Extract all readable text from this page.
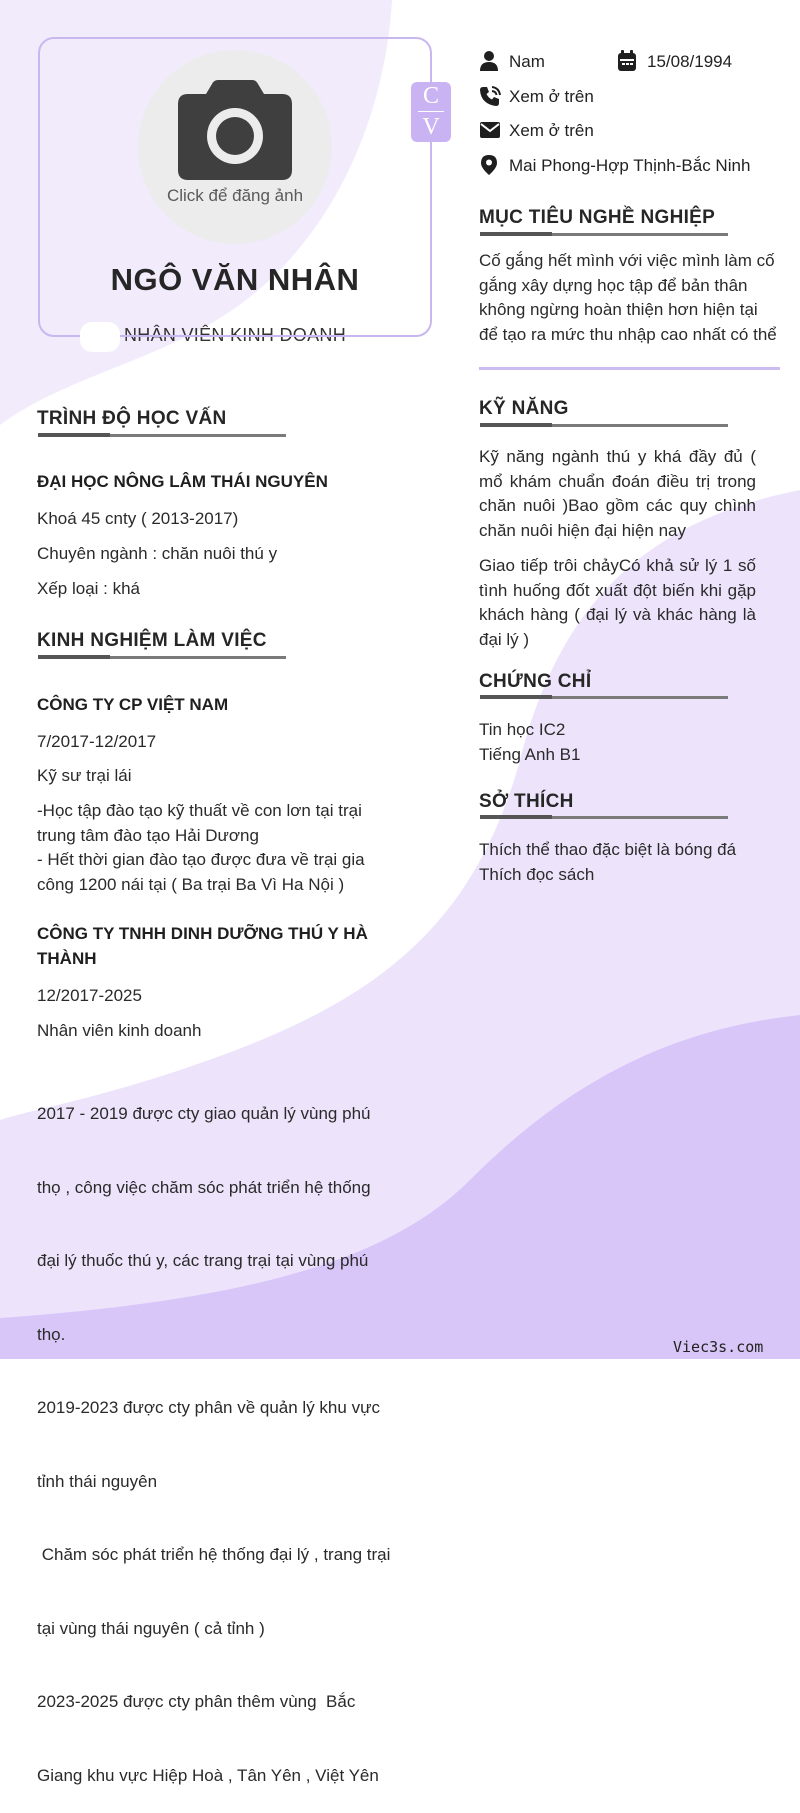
Click để đăng ảnh
NGÔ VĂN NHÂN
NHÂN VIÊN KINH DOANH
C
V
Nam	15/08/1994
Xem ở trên
Xem ở trên
Mai Phong-Hợp Thịnh-Bắc Ninh
MỤC TIÊU NGHỀ NGHIỆP
Cố gắng hết mình với việc mình làm cố gắng xây dựng học tập để bản thân không ngừng hoàn thiện hơn hiện tại để tạo ra mức thu nhập cao nhất có thể
KỸ NĂNG
Kỹ năng ngành thú y khá đầy đủ ( mổ khám chuẩn đoán điều trị trong chăn nuôi )Bao gồm các quy chình chăn nuôi hiện đại hiện nay
Giao tiếp trôi chảyCó khả sử lý 1 số tình huống đốt xuất đột biến khi gặp khách hàng ( đại lý và khác hàng là đại lý )
CHỨNG CHỈ
Tin học IC2
Tiếng Anh B1
SỞ THÍCH
Thích thể thao đặc biệt là bóng đá
Thích đọc sách
TRÌNH ĐỘ HỌC VẤN
ĐẠI HỌC NÔNG LÂM THÁI NGUYÊN
Khoá 45 cnty ( 2013-2017)
Chuyên ngành : chăn nuôi thú y
Xếp loại : khá
KINH NGHIỆM LÀM VIỆC
CÔNG TY CP VIỆT NAM
7/2017-12/2017
Kỹ sư trại lái
-Học tập đào tạo kỹ thuất về con lơn tại trại
trung tâm đào tạo Hải Dương
- Hết thời gian đào tạo được đưa về trại gia
công 1200 nái tại ( Ba trại Ba Vì Ha Nội )
CÔNG TY TNHH DINH DƯỠNG THÚ Y HÀ
THÀNH
12/2017-2025
Nhân viên kinh doanh

2017 - 2019 được cty giao quản lý vùng phú

thọ , công việc chăm sóc phát triển hệ thống

đại lý thuốc thú y, các trang trại tại vùng phú

thọ.

2019-2023 được cty phân về quản lý khu vực

tỉnh thái nguyên

Chăm sóc phát triển hệ thống đại lý , trang trại

tại vùng thái nguyên ( cả tỉnh )

2023-2025 được cty phân thêm vùng  Bắc

Giang khu vực Hiệp Hoà , Tân Yên , Việt Yên

Viec3s.com
